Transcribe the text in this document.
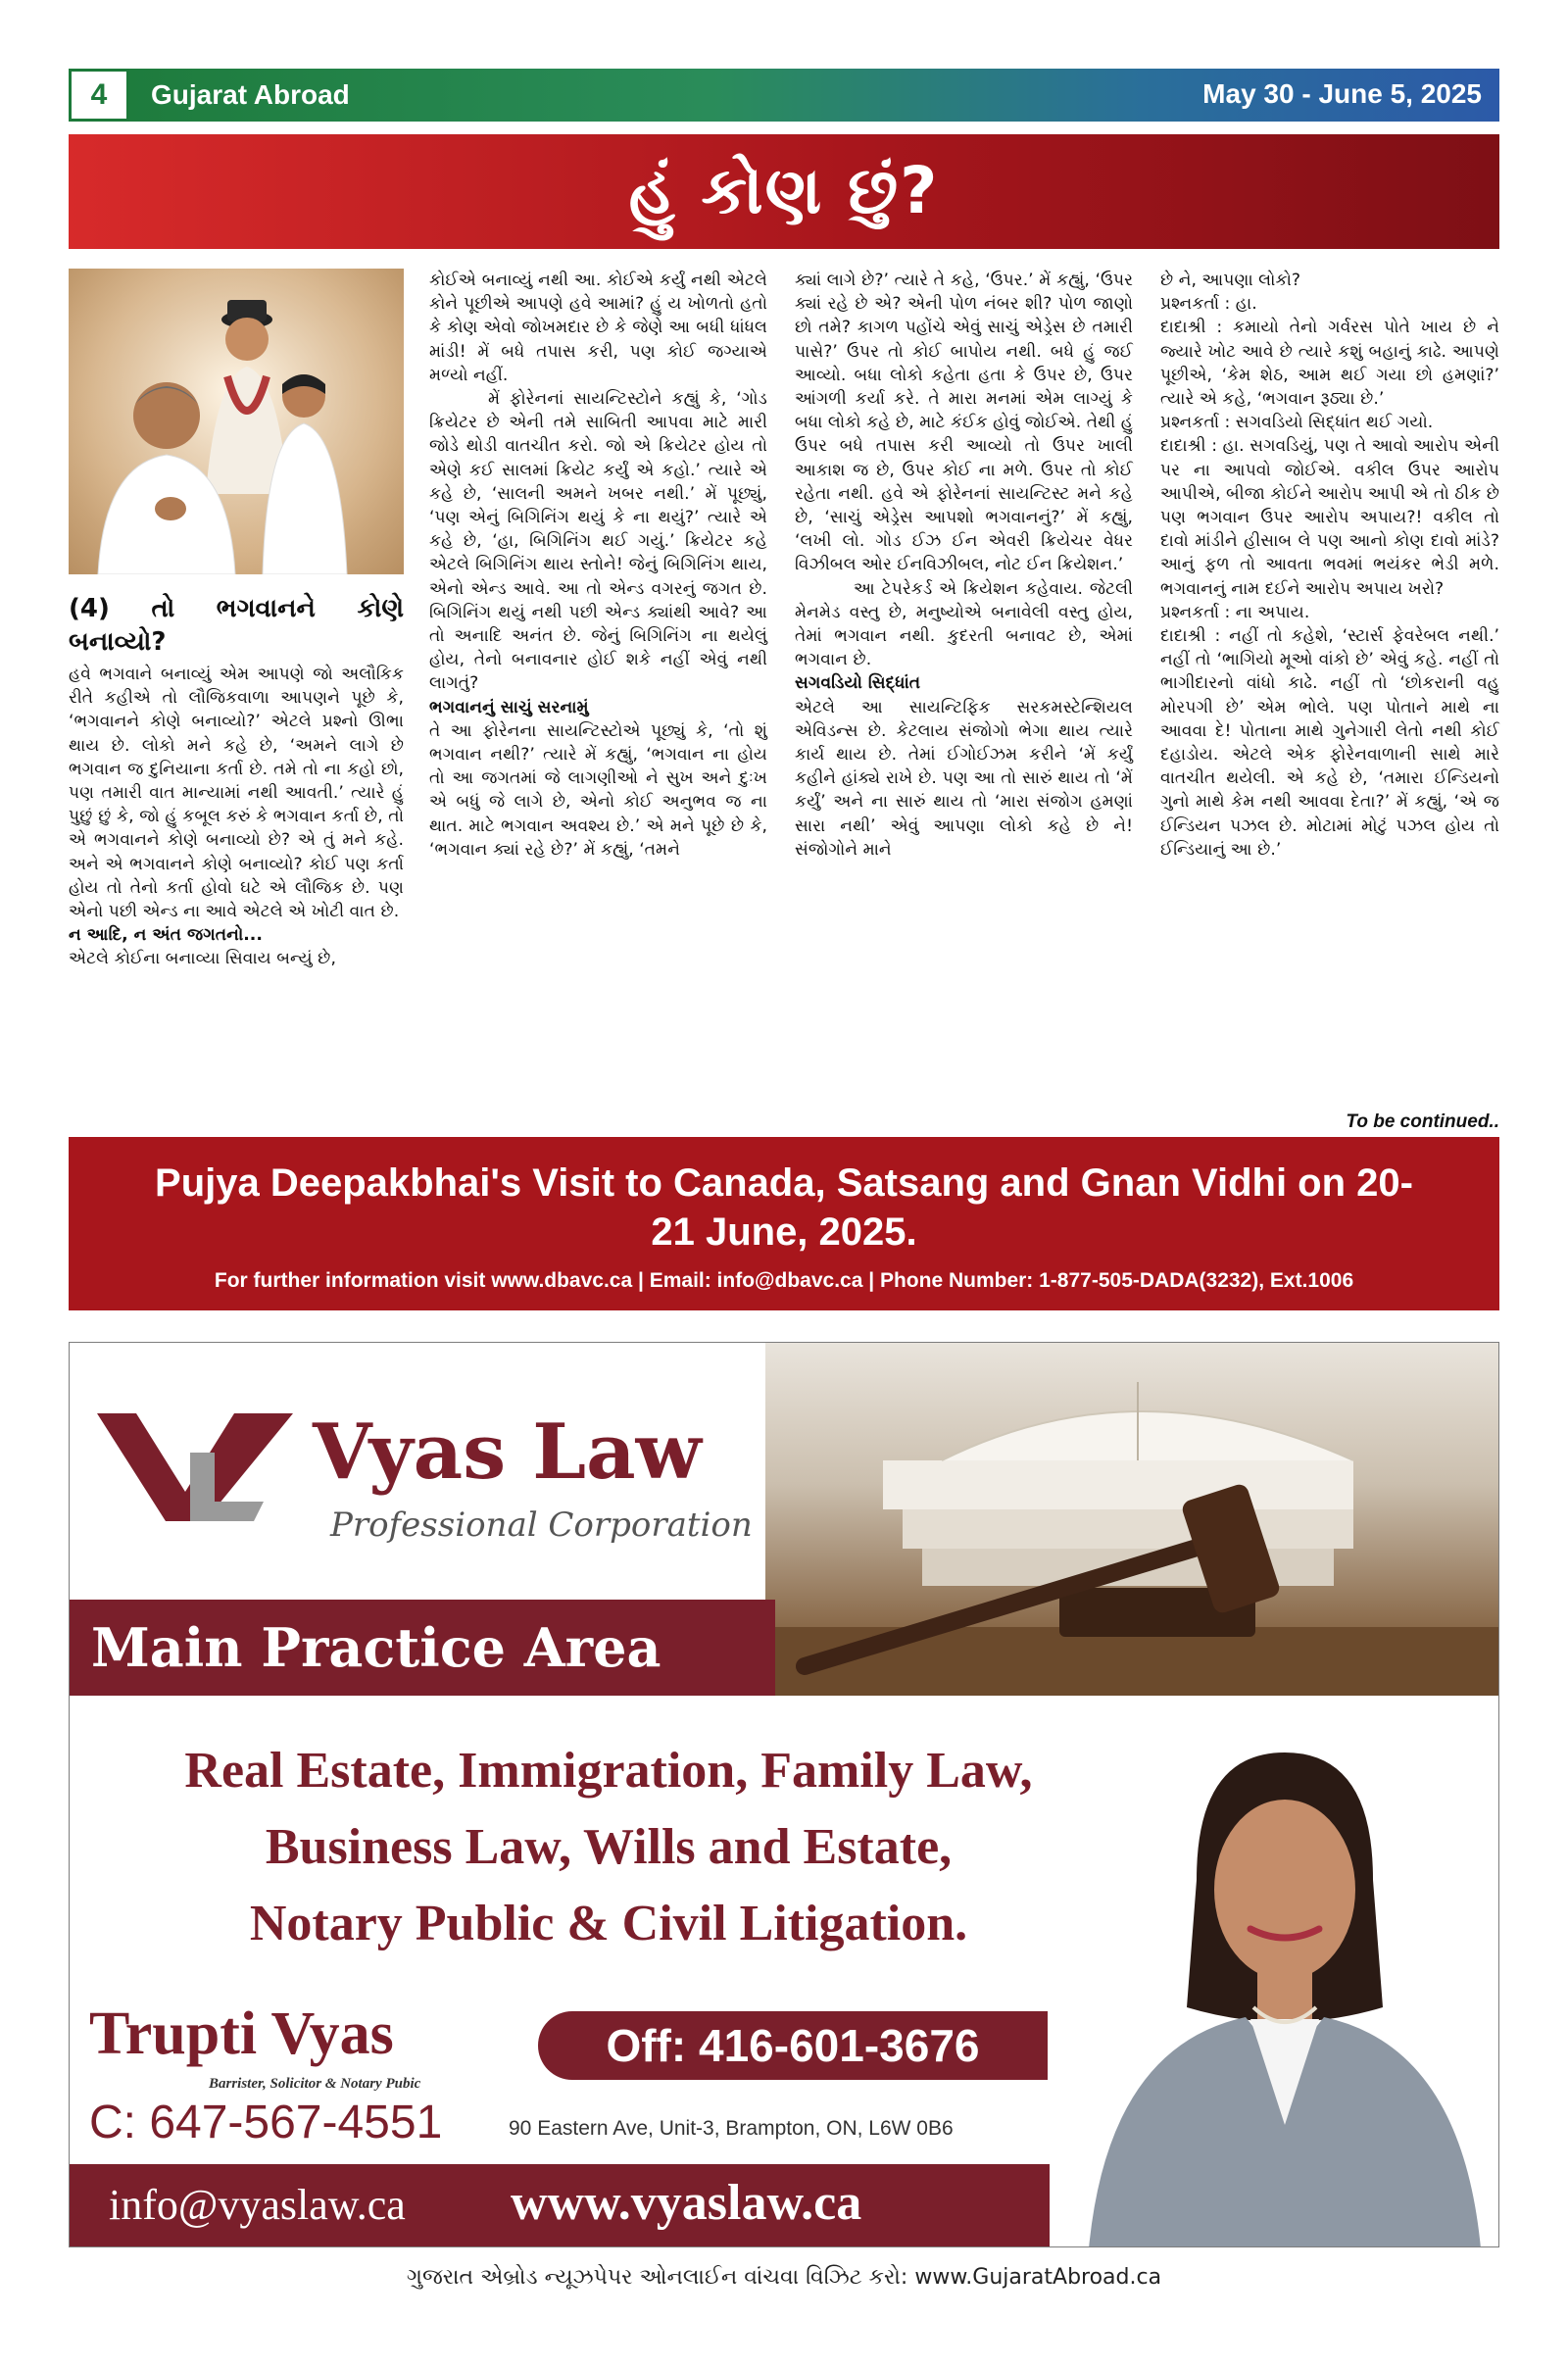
4	Gujarat Abroad	May 30 - June 5, 2025
હું કોણ છું?
(4) તો ભગવાનને કોણે બનાવ્યો?

હવે ભગવાને બનાવ્યું એમ આપણે જો અલૌકિક રીતે કહીએ તો લૌજિકવાળા આપણને પૂછે કે, ‘ભગવાનને કોણે બનાવ્યો?’ એટલે પ્રશ્નો ઊભા થાય છે. લોકો મને કહે છે, ‘અમને લાગે છે ભગવાન જ દુનિયાના કર્તા છે. તમે તો ના કહો છો, પણ તમારી વાત માન્યામાં નથી આવતી.’ ત્યારે હું પુછું છું કે, જો હું કબૂલ કરું કે ભગવાન કર્તા છે, તો એ ભગવાનને કોણે બનાવ્યો છે? એ તું મને કહે. અને એ ભગવાનને કોણે બનાવ્યો? કોઈ પણ કર્તા હોય તો તેનો કર્તા હોવો ઘટે એ લૌજિક છે. પણ એનો પછી એન્ડ ના આવે એટલે એ ખોટી વાત છે.

ન આદિ, ન અંત જગતનો...

એટલે કોઈના બનાવ્યા સિવાય બન્યું છે,

કોઈએ બનાવ્યું નથી આ. કોઈએ કર્યું નથી એટલે કોને પૂછીએ આપણે હવે આમાં? હું ય ખોળતો હતો કે કોણ એવો જોખમદાર છે કે જેણે આ બધી ધાંધલ માંડી! મેં બધે તપાસ કરી, પણ કોઈ જગ્યાએ મળ્યો નહીં.

મેં ફોરેનનાં સાયન્ટિસ્ટોને કહ્યું કે, ‘ગોડ ક્રિયેટર છે એની તમે સાબિતી આપવા માટે મારી જોડે થોડી વાતચીત કરો. જો એ ક્રિયેટર હોય તો એણે કઈ સાલમાં ક્રિયેટ કર્યું એ કહો.’ ત્યારે એ કહે છે, ‘સાલની અમને ખબર નથી.’ મેં પૂછ્યું, ‘પણ એનું બિગિનિંગ થયું કે ના થયું?’ ત્યારે એ કહે છે, ‘હા, બિગિનિંગ થઈ ગયું.’ ક્રિયેટર કહે એટલે બિગિનિંગ થાય સ્તોને! જેનું બિગિનિંગ થાય, એનો એન્ડ આવે. આ તો એન્ડ વગરનું જગત છે. બિગિનિંગ થયું નથી પછી એન્ડ ક્યાંથી આવે? આ તો અનાદિ અનંત છે. જેનું બિગિનિંગ ના થયેલું હોય, તેનો બનાવનાર હોઈ શકે નહીં એવું નથી લાગતું?

ભગવાનનું સાચું સરનામું

તે આ ફોરેનના સાયન્ટિસ્ટોએ પૂછ્યું કે, ‘તો શું ભગવાન નથી?’ ત્યારે મેં કહ્યું, ‘ભગવાન ના હોય તો આ જગતમાં જે લાગણીઓ ને સુખ અને દુઃખ એ બધું જે લાગે છે, એનો કોઈ અનુભવ જ ના થાત. માટે ભગવાન અવશ્ય છે.’ એ મને પૂછે છે કે, ‘ભગવાન ક્યાં રહે છે?’ મેં કહ્યું, ‘તમને

ક્યાં લાગે છે?’ ત્યારે તે કહે, ‘ઉપર.’ મેં કહ્યું, ‘ઉપર ક્યાં રહે છે એ? એની પોળ નંબર શી? પોળ જાણો છો તમે? કાગળ પહોંચે એવું સાચું એડ્રેસ છે તમારી પાસે?’ ઉપર તો કોઈ બાપોય નથી. બધે હું જઈ આવ્યો. બધા લોકો કહેતા હતા કે ઉપર છે, ઉપર આંગળી કર્યા કરે. તે મારા મનમાં એમ લાગ્યું કે બધા લોકો કહે છે, માટે કંઈક હોવું જોઈએ. તેથી હું ઉપર બધે તપાસ કરી આવ્યો તો ઉપર ખાલી આકાશ જ છે, ઉપર કોઈ ના મળે. ઉપર તો કોઈ રહેતા નથી. હવે એ ફોરેનનાં સાયન્ટિસ્ટ મને કહે છે, ‘સાચું એડ્રેસ આપશો ભગવાનનું?’ મેં કહ્યું, ‘લખી લો. ગોડ ઈઝ ઈન એવરી ક્રિયેચર વેધર વિઝીબલ ઓર ઈનવિઝીબલ, નોટ ઈન ક્રિયેશન.’

આ ટેપરેકર્ડ એ ક્રિયેશન કહેવાય. જેટલી મેનમેડ વસ્તુ છે, મનુષ્યોએ બનાવેલી વસ્તુ હોય, તેમાં ભગવાન નથી. કુદરતી બનાવટ છે, એમાં ભગવાન છે.

સગવડિયો સિદ્ધાંત

એટલે આ સાયન્ટિફિક સરકમસ્ટેન્શિયલ એવિડન્સ છે. કેટલાય સંજોગો ભેગા થાય ત્યારે કાર્ય થાય છે. તેમાં ઈગોઈઝમ કરીને ‘મેં કર્યું કહીને હાંક્યે રાખે છે. પણ આ તો સારું થાય તો ‘મેં કર્યું’ અને ના સારું થાય તો ‘મારા સંજોગ હમણાં સારા નથી’ એવું આપણા લોકો કહે છે ને! સંજોગોને માને

છે ને, આપણા લોકો?

પ્રશ્નકર્તા : હા.

દાદાશ્રી : કમાયો તેનો ગર્વરસ પોતે ખાય છે ને જ્યારે ખોટ આવે છે ત્યારે કશું બહાનું કાઢે. આપણે પૂછીએ, ‘કેમ શેઠ, આમ થઈ ગયા છો હમણાં?’ ત્યારે એ કહે, ‘ભગવાન રૂઠ્યા છે.’

પ્રશ્નકર્તા : સગવડિયો સિદ્ધાંત થઈ ગયો.

દાદાશ્રી : હા. સગવડિયું, પણ તે આવો આરોપ એની પર ના આપવો જોઈએ. વકીલ ઉપર આરોપ આપીએ, બીજા કોઈને આરોપ આપી એ તો ઠીક છે પણ ભગવાન ઉપર આરોપ અપાય?! વકીલ તો દાવો માંડીને હીસાબ લે પણ આનો કોણ દાવો માંડે? આનું ફળ તો આવતા ભવમાં ભયંકર ભેડી મળે. ભગવાનનું નામ દઈને આરોપ અપાય ખરો?

પ્રશ્નકર્તા : ના અપાય.

દાદાશ્રી : નહીં તો કહેશે, ‘સ્ટાર્સ ફેવરેબલ નથી.’ નહીં તો ‘ભાગિયો મૂઓ વાંકો છે’ એવું કહે. નહીં તો ભાગીદારનો વાંધો કાઢે. નહીં તો ‘છોકરાની વહુ મોરપગી છે’ એમ ભોલે. પણ પોતાને માથે ના આવવા દે! પોતાના માથે ગુનેગારી લેતો નથી કોઈ દહાડોય. એટલે એક ફોરેનવાળાની સાથે મારે વાતચીત થયેલી. એ કહે છે, ‘તમારા ઈન્ડિયનો ગુનો માથે કેમ નથી આવવા દેતા?’ મેં કહ્યું, ‘એ જ ઈન્ડિયન પઝલ છે. મોટામાં મોટું પઝલ હોય તો ઈન્ડિયાનું આ છે.’

To be continued..
Pujya Deepakbhai's Visit to Canada, Satsang and Gnan Vidhi on 20-21 June, 2025.
For further information visit www.dbavc.ca | Email: info@dbavc.ca | Phone Number: 1-877-505-DADA(3232), Ext.1006
Vyas Law
Professional Corporation
Main Practice Area
Real Estate, Immigration, Family Law,
Business Law, Wills and Estate,
Notary Public & Civil Litigation.
Trupti Vyas
Barrister, Solicitor & Notary Pubic
Off: 416-601-3676
C: 647-567-4551	90 Eastern Ave, Unit-3, Brampton, ON, L6W 0B6
info@vyaslaw.ca www.vyaslaw.ca
ગુજરાત એબ્રોડ ન્યૂઝપેપર ઓનલાઈન વાંચવા વિઝિટ કરો: www.GujaratAbroad.ca
